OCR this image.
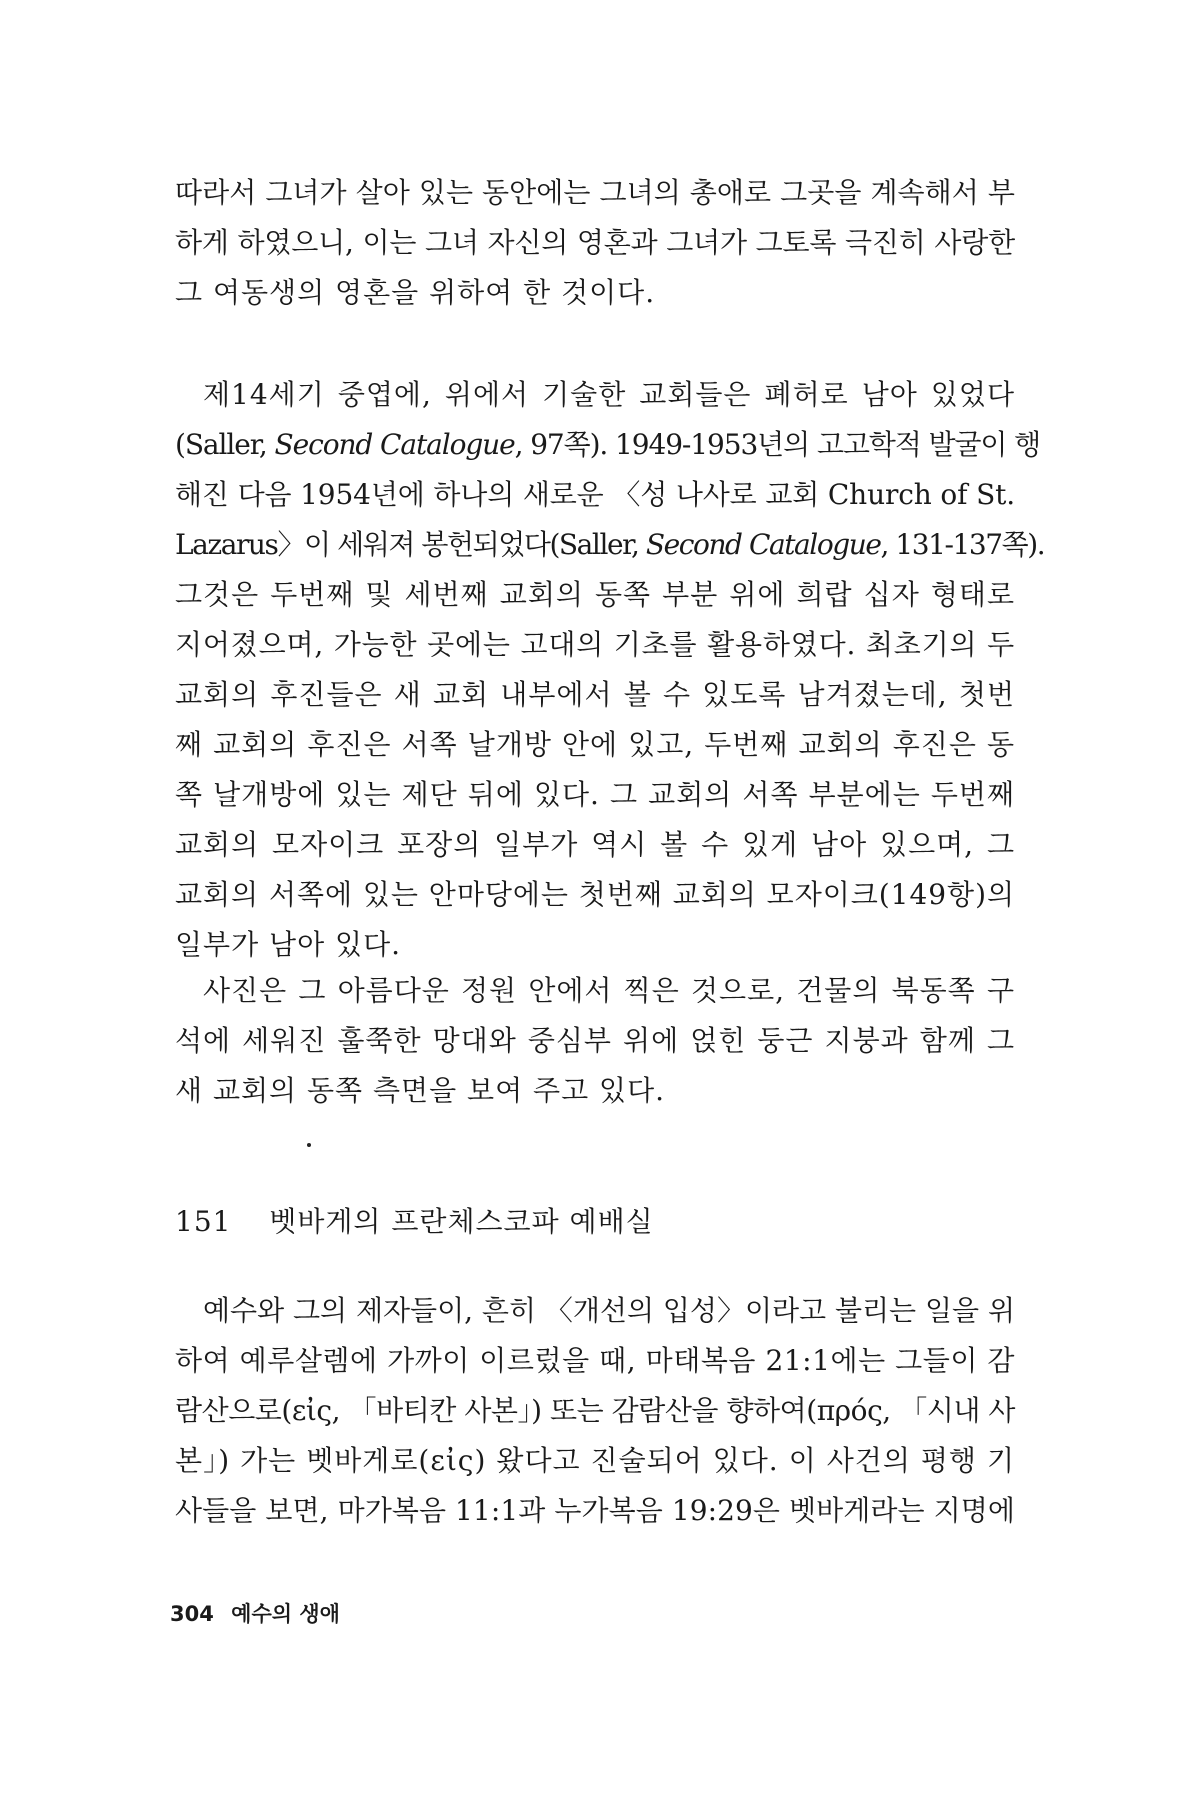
따라서 그녀가 살아 있는 동안에는 그녀의 총애로 그곳을 계속해서 부
하게 하였으니, 이는 그녀 자신의 영혼과 그녀가 그토록 극진히 사랑한
그 여동생의 영혼을 위하여 한 것이다.
제14세기 중엽에, 위에서 기술한 교회들은 폐허로 남아 있었다
(Saller, Second Catalogue, 97쪽). 1949-1953년의 고고학적 발굴이 행
해진 다음 1954년에 하나의 새로운 〈성 나사로 교회 Church of St.
Lazarus〉이 세워져 봉헌되었다(Saller, Second Catalogue, 131-137쪽).
그것은 두번째 및 세번째 교회의 동쪽 부분 위에 희랍 십자 형태로
지어졌으며, 가능한 곳에는 고대의 기초를 활용하였다. 최초기의 두
교회의 후진들은 새 교회 내부에서 볼 수 있도록 남겨졌는데, 첫번
째 교회의 후진은 서쪽 날개방 안에 있고, 두번째 교회의 후진은 동
쪽 날개방에 있는 제단 뒤에 있다. 그 교회의 서쪽 부분에는 두번째
교회의 모자이크 포장의 일부가 역시 볼 수 있게 남아 있으며, 그
교회의 서쪽에 있는 안마당에는 첫번째 교회의 모자이크(149항)의
일부가 남아 있다.
사진은 그 아름다운 정원 안에서 찍은 것으로, 건물의 북동쪽 구
석에 세워진 훌쭉한 망대와 중심부 위에 얹힌 둥근 지붕과 함께 그
새 교회의 동쪽 측면을 보여 주고 있다.
151 벳바게의 프란체스코파 예배실
예수와 그의 제자들이, 흔히 〈개선의 입성〉이라고 불리는 일을 위
하여 예루살렘에 가까이 이르렀을 때, 마태복음 21:1에는 그들이 감
람산으로(εἰς, 「바티칸 사본」) 또는 감람산을 향하여(πρός, 「시내 사
본」) 가는 벳바게로(εἰς) 왔다고 진술되어 있다. 이 사건의 평행 기
사들을 보면, 마가복음 11:1과 누가복음 19:29은 벳바게라는 지명에
304 예수의 생애
